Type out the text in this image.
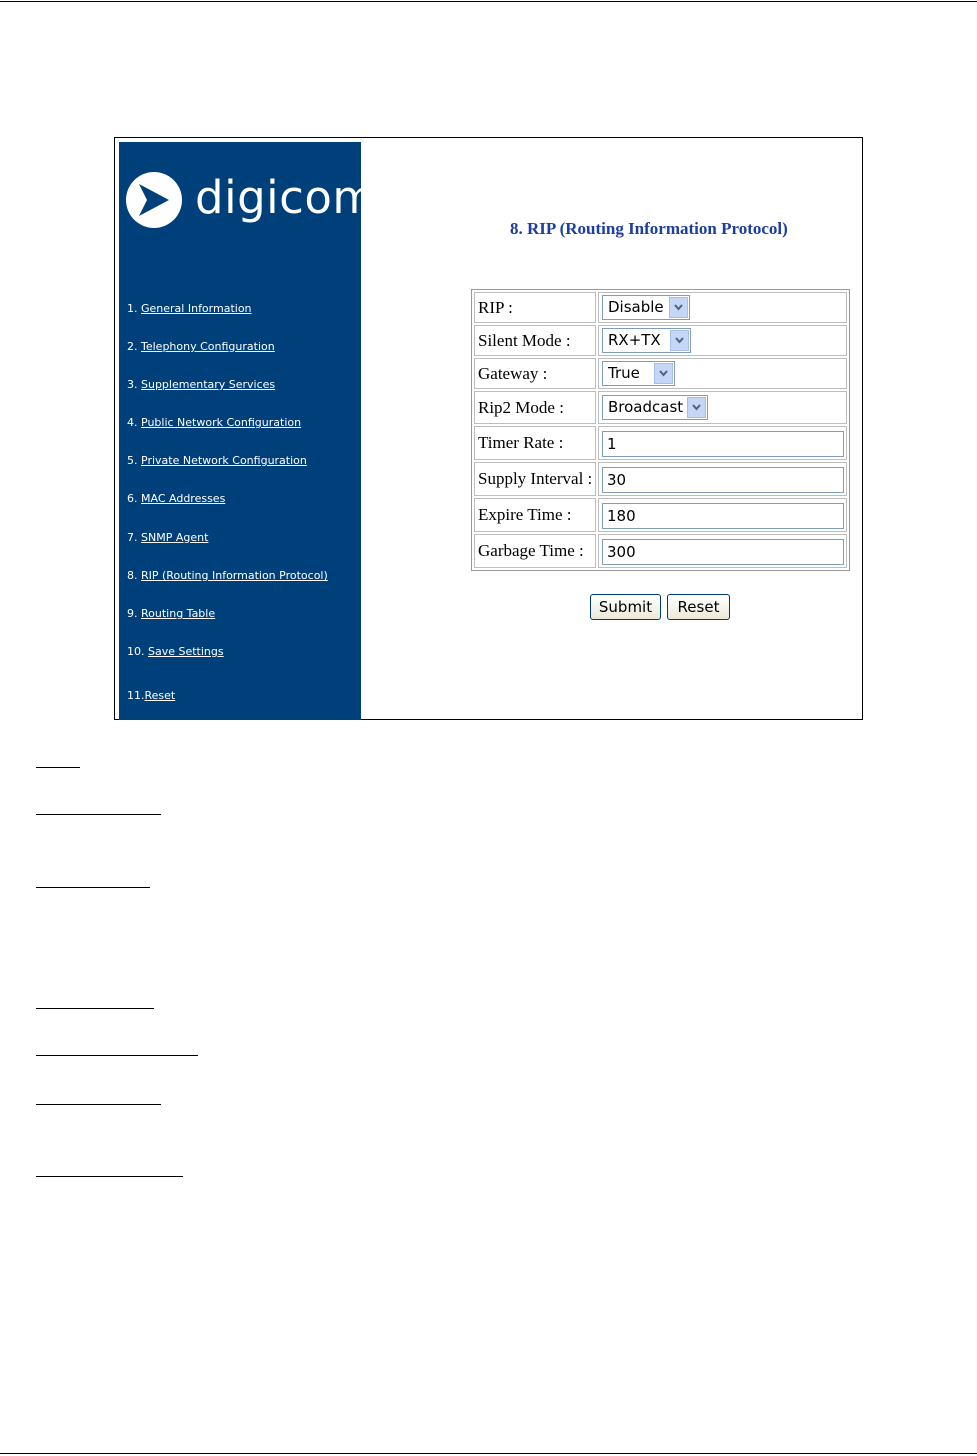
digicom
1. General Information
2. Telephony Configuration
3. Supplementary Services
4. Public Network Configuration
5. Private Network Configuration
6. MAC Addresses
7. SNMP Agent
8. RIP (Routing Information Protocol)
9. Routing Table
10. Save Settings
11.Reset
8. RIP (Routing Information Protocol)
RIP :	Disable
Silent Mode :	RX+TX
Gateway :	True
Rip2 Mode :	Broadcast
Timer Rate :	1
Supply Interval : 30
Expire Time :	180
Garbage Time :	300
Submit	Reset
